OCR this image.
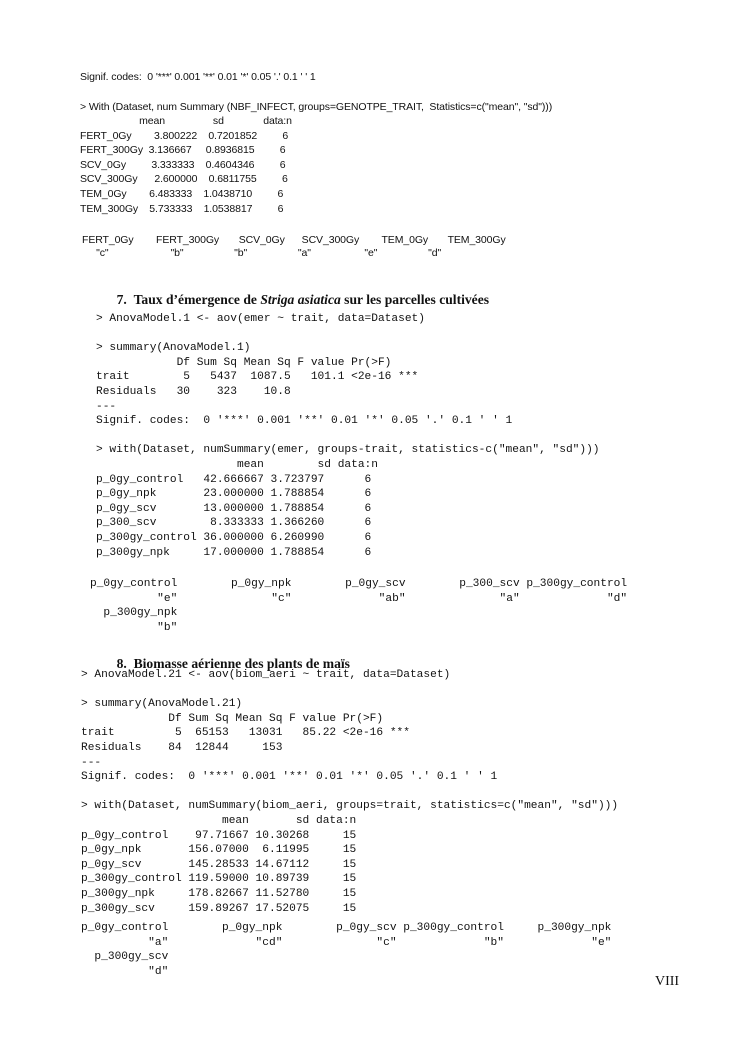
Signif. codes:  0 '***' 0.001 '**' 0.01 '*' 0.05 '.' 0.1 ' ' 1
> With (Dataset, num Summary (NBF_INFECT, groups=GENOTPE_TRAIT,  Statistics=c("mean", "sd")))
mean                 sd              data:n
FERT_0Gy        3.800222    0.7201852         6
FERT_300Gy  3.136667     0.8936815         6
SCV_0Gy         3.333333    0.4604346         6
SCV_300Gy      2.600000    0.6811755         6
TEM_0Gy        6.483333    1.0438710         6
TEM_300Gy    5.733333    1.0538817         6
FERT_0Gy        FERT_300Gy       SCV_0Gy      SCV_300Gy        TEM_0Gy       TEM_300Gy
"c"                      "b"                  "b"                  "a"                   "e"                  "d"

7. Taux d’émergence de Striga asiatica sur les parcelles cultivées

> AnovaModel.1 <- aov(emer ~ trait, data=Dataset)

> summary(AnovaModel.1)
Df Sum Sq Mean Sq F value Pr(>F)
trait        5   5437  1087.5   101.1 <2e-16 ***
Residuals   30    323    10.8
---
Signif. codes:  0 '***' 0.001 '**' 0.01 '*' 0.05 '.' 0.1 ' ' 1

> with(Dataset, numSummary(emer, groups-trait, statistics-c("mean", "sd")))
mean        sd data:n
p_0gy_control   42.666667 3.723797      6
p_0gy_npk       23.000000 1.788854      6
p_0gy_scv       13.000000 1.788854      6
p_300_scv        8.333333 1.366260      6
p_300gy_control 36.000000 6.260990      6
p_300gy_npk     17.000000 1.788854      6
p_0gy_control        p_0gy_npk        p_0gy_scv        p_300_scv p_300gy_control
"e"              "c"             "ab"              "a"             "d"
p_300gy_npk
"b"

8. Biomasse aérienne des plants de maïs

> AnovaModel.21 <- aov(biom_aeri ~ trait, data=Dataset)

> summary(AnovaModel.21)
Df Sum Sq Mean Sq F value Pr(>F)
trait         5  65153   13031   85.22 <2e-16 ***
Residuals    84  12844     153
---
Signif. codes:  0 '***' 0.001 '**' 0.01 '*' 0.05 '.' 0.1 ' ' 1

> with(Dataset, numSummary(biom_aeri, groups=trait, statistics=c("mean", "sd")))
mean       sd data:n
p_0gy_control    97.71667 10.30268     15
p_0gy_npk       156.07000  6.11995     15
p_0gy_scv       145.28533 14.67112     15
p_300gy_control 119.59000 10.89739     15
p_300gy_npk     178.82667 11.52780     15
p_300gy_scv     159.89267 17.52075     15
p_0gy_control        p_0gy_npk        p_0gy_scv p_300gy_control     p_300gy_npk
"a"             "cd"              "c"             "b"             "e"
p_300gy_scv
"d"
VIII
